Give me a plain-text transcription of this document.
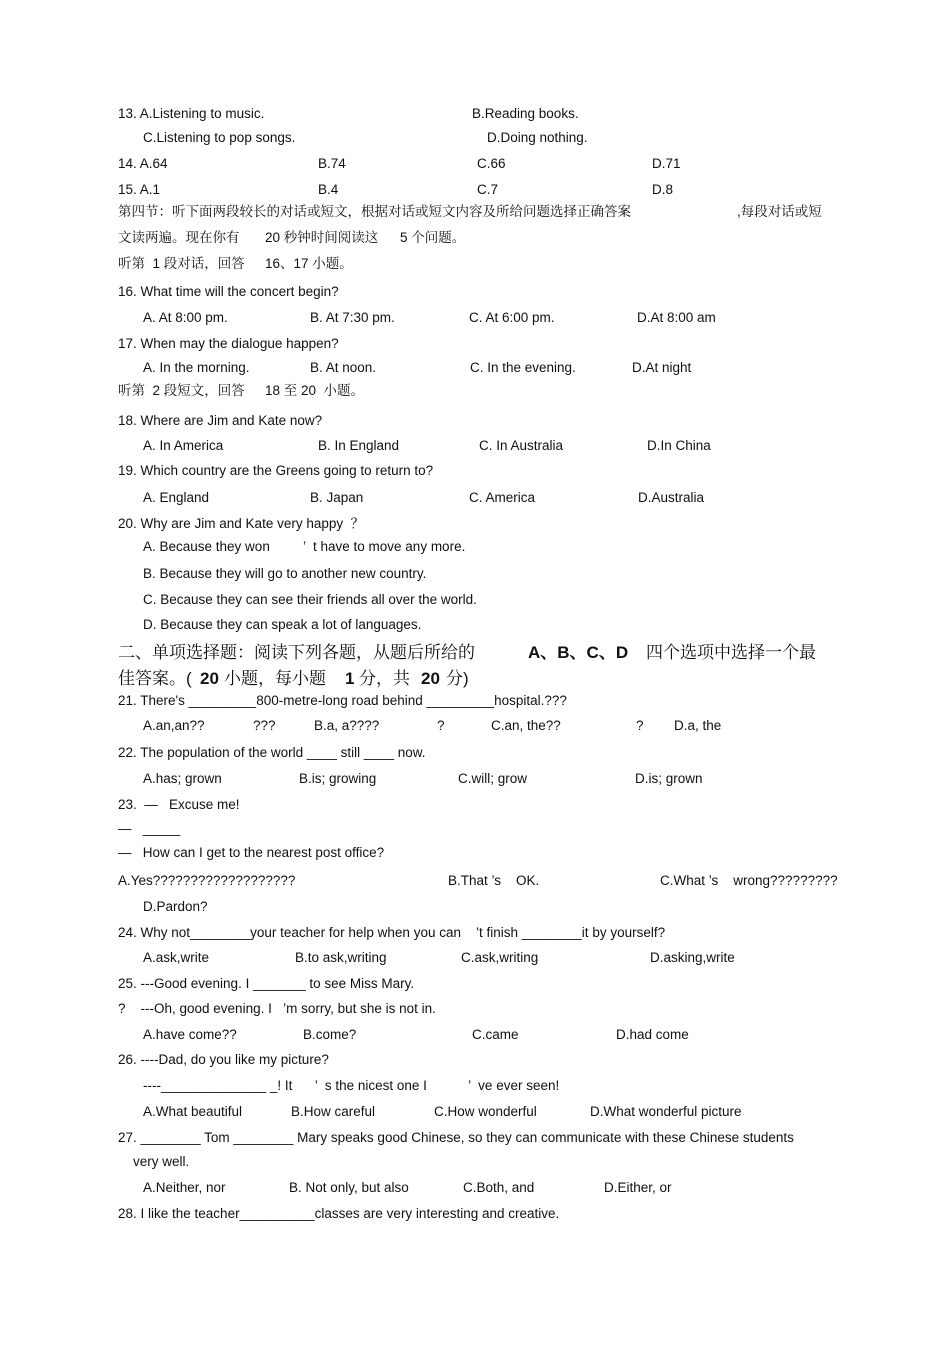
13. A.Listening to music.	B.Reading books.
C.Listening to pop songs.	D.Doing nothing.
14. A.64	B.74	C.66	D.71
15. A.1	B.4	C.7	D.8
第四节：听下面两段较长的对话或短文，根据对话或短文内容及所给问题选择正确答案	,每段对话或短
文读两遍。现在你有 20 秒钟时间阅读这 5 个问题。
听第  1 段对话，回答 16、17 小题。
16. What time will the concert begin?
A. At 8:00 pm.	B. At 7:30 pm.	C. At 6:00 pm.	D.At 8:00 am
17. When may the dialogue happen?
A. In the morning.	B. At noon.	C. In the evening.	D.At night
听第  2 段短文，回答 18 至 20  小题。
18. Where are Jim and Kate now?
A. In America	B. In England	C. In Australia	D.In China
19. Which country are the Greens going to return to?
A. England	B. Japan	C. America	D.Australia
20. Why are Jim and Kate very happy  ？
A. Because they won ’  t have to move any more.
B. Because they will go to another new country.
C. Because they can see their friends all over the world.
D. Because they can speak a lot of languages.
21. There's _________800-metre-long road behind _________hospital.???
A.an,an??	???	B.a, a????	?	C.an, the??	? D.a, the
22. The population of the world ____ still ____ now.
A.has; grown	B.is; growing	C.will; grow	D.is; grown
23.  —   Excuse me!
—   _____
—   How can I get to the nearest post office?
A.Yes???????????????????	B.That ’s    OK.	C.What ’s    wrong?????????
D.Pardon?
24. Why not________your teacher for help when you can    ’t finish ________it by yourself?
A.ask,write	B.to ask,writing	C.ask,writing	D.asking,write
25. ---Good evening. I _______ to see Miss Mary.
?    ---Oh, good evening. I   ’m sorry, but she is not in.
A.have come??	B.come?	C.came	D.had come
26. ----Dad, do you like my picture?
----______________ _! It      ’  s the nicest one I           ’  ve ever seen!
A.What beautiful	B.How careful	C.How wonderful	D.What wonderful picture
27. ________ Tom ________ Mary speaks good Chinese, so they can communicate with these Chinese students
very well.
A.Neither, nor	B. Not only, but also	C.Both, and	D.Either, or
28. I like the teacher__________classes are very interesting and creative.
二、单项选择题：阅读下列各题，从题后所给的	A、B、C、D 四个选项中选择一个最
佳答案。( 20 小题，每小题 1 分，共 20 分)
